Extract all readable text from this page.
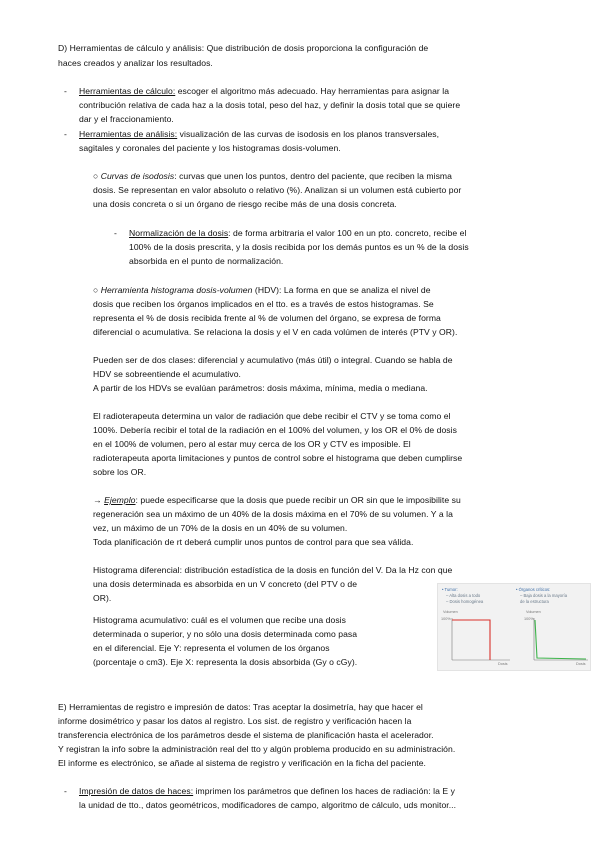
D) Herramientas de cálculo y análisis: Que distribución de dosis proporciona la configuración de
haces creados y analizar los resultados.
- Herramientas de cálculo: escoger el algoritmo más adecuado. Hay herramientas para asignar la
contribución relativa de cada haz a la dosis total, peso del haz, y definir la dosis total que se quiere
dar y el fraccionamiento.
- Herramientas de análisis: visualización de las curvas de isodosis en los planos transversales,
sagitales y coronales del paciente y los histogramas dosis-volumen.
○ Curvas de isodosis: curvas que unen los puntos, dentro del paciente, que reciben la misma
dosis. Se representan en valor absoluto o relativo (%). Analizan si un volumen está cubierto por
una dosis concreta o si un órgano de riesgo recibe más de una dosis concreta.
- Normalización de la dosis: de forma arbitraria el valor 100 en un pto. concreto, recibe el
100% de la dosis prescrita, y la dosis recibida por los demás puntos es un % de la dosis
absorbida en el punto de normalización.
○ Herramienta histograma dosis-volumen (HDV): La forma en que se analiza el nivel de
dosis que reciben los órganos implicados en el tto. es a través de estos histogramas. Se
representa el % de dosis recibida frente al % de volumen del órgano, se expresa de forma
diferencial o acumulativa. Se relaciona la dosis y el V en cada volúmen de interés (PTV y OR).
Pueden ser de dos clases: diferencial y acumulativo (más útil) o integral. Cuando se habla de
HDV se sobreentiende el acumulativo.
A partir de los HDVs se evalúan parámetros: dosis máxima, mínima, media o mediana.
El radioterapeuta determina un valor de radiación que debe recibir el CTV y se toma como el
100%. Debería recibir el total de la radiación en el 100% del volumen, y los OR el 0% de dosis
en el 100% de volumen, pero al estar muy cerca de los OR y CTV es imposible. El
radioterapeuta aporta limitaciones y puntos de control sobre el histograma que deben cumplirse
sobre los OR.
→ Ejemplo: puede especificarse que la dosis que puede recibir un OR sin que le imposibilite su
regeneración sea un máximo de un 40% de la dosis máxima en el 70% de su volumen. Y a la
vez, un máximo de un 70% de la dosis en un 40% de su volumen.
Toda planificación de rt deberá cumplir unos puntos de control para que sea válida.
Histograma diferencial: distribución estadística de la dosis en función del V. Da la Hz con que
una dosis determinada es absorbida en un V concreto (del PTV o de
OR).
Histograma acumulativo: cuál es el volumen que recibe una dosis
determinada o superior, y no sólo una dosis determinada como pasa
en el diferencial. Eje Y: representa el volumen de los órganos
(porcentaje o cm3). Eje X: representa la dosis absorbida (Gy o cGy).
• Tumor:
– Alta dosis a todo
– Dosis homogénea
• Órganos críticos:
– Baja dosis a la mayoría
de la estructura
Volumen
100%
Volumen
100%
Dosis	Dosis
E) Herramientas de registro e impresión de datos: Tras aceptar la dosimetría, hay que hacer el
informe dosimétrico y pasar los datos al registro. Los sist. de registro y verificación hacen la
transferencia electrónica de los parámetros desde el sistema de planificación hasta el acelerador.
Y registran la info sobre la administración real del tto y algún problema producido en su administración.
El informe es electrónico, se añade al sistema de registro y verificación en la ficha del paciente.
- Impresión de datos de haces: imprimen los parámetros que definen los haces de radiación: la E y
la unidad de tto., datos geométricos, modificadores de campo, algoritmo de cálculo, uds monitor...
